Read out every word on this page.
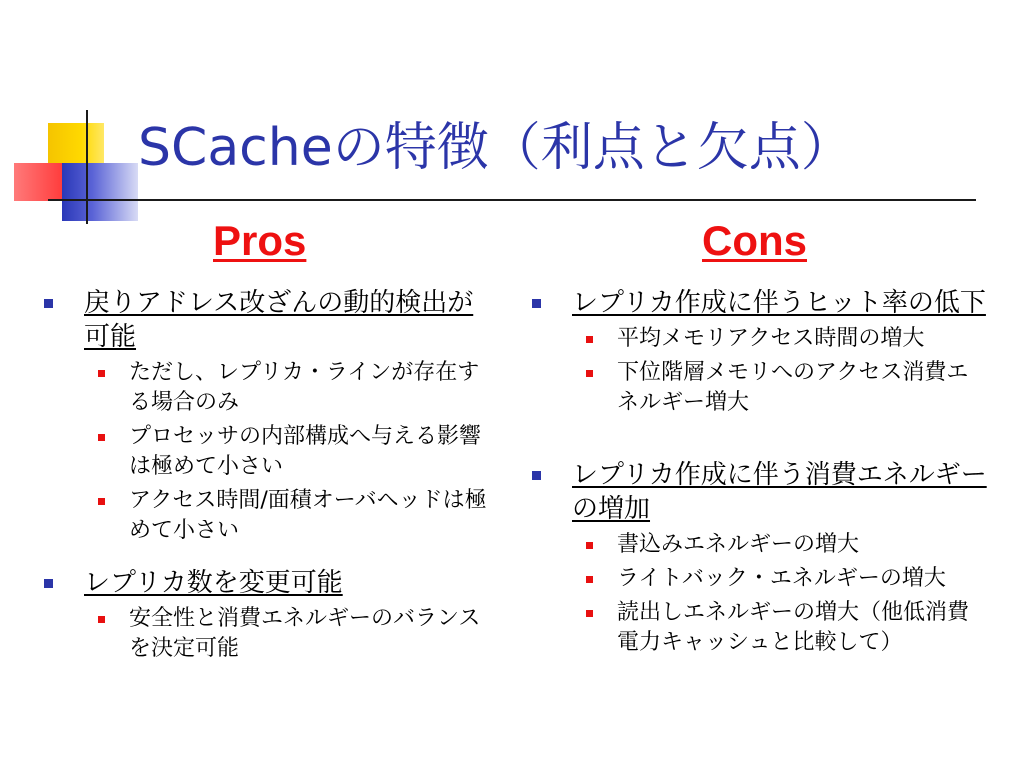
SCacheの特徴（利点と欠点）
Pros	Cons
戻りアドレス改ざんの動的検出が可能
ただし、レプリカ・ラインが存在する場合のみ
プロセッサの内部構成へ与える影響は極めて小さい
アクセス時間/面積オーバヘッドは極めて小さい
レプリカ数を変更可能
安全性と消費エネルギーのバランスを決定可能
レプリカ作成に伴うヒット率の低下
平均メモリアクセス時間の増大
下位階層メモリへのアクセス消費エネルギー増大
レプリカ作成に伴う消費エネルギーの増加
書込みエネルギーの増大
ライトバック・エネルギーの増大
読出しエネルギーの増大（他低消費電力キャッシュと比較して）
